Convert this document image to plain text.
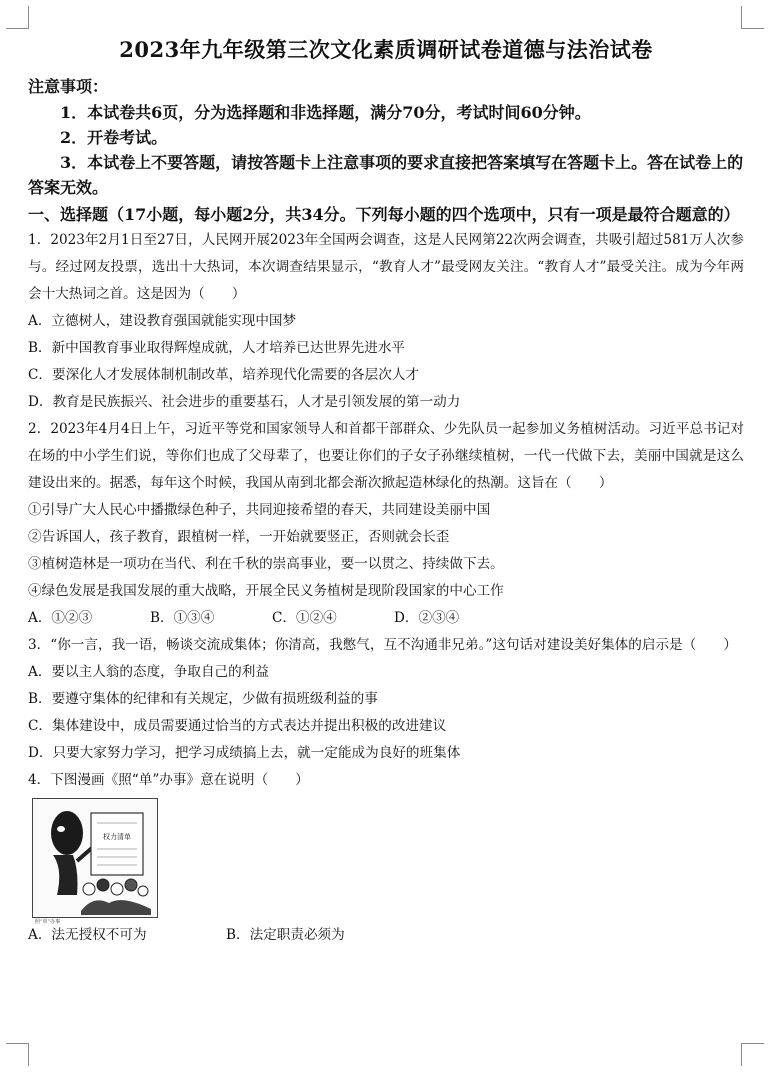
2023年九年级第三次文化素质调研试卷道德与法治试卷
注意事项：
1．本试卷共6页，分为选择题和非选择题，满分70分，考试时间60分钟。
2．开卷考试。
3．本试卷上不要答题，请按答题卡上注意事项的要求直接把答案填写在答题卡上。答在试卷上的答案无效。
一、选择题（17小题，每小题2分，共34分。下列每小题的四个选项中，只有一项是最符合题意的）
1．2023年2月1日至27日，人民网开展2023年全国两会调查，这是人民网第22次两会调查，共吸引超过581万人次参与。经过网友投票，选出十大热词，本次调查结果显示，“教育人才”最受网友关注。“教育人才”最受关注。成为今年两会十大热词之首。这是因为（　　）
A．立德树人，建设教育强国就能实现中国梦
B．新中国教育事业取得辉煌成就，人才培养已达世界先进水平
C．要深化人才发展体制机制改革，培养现代化需要的各层次人才
D．教育是民族振兴、社会进步的重要基石，人才是引领发展的第一动力
2．2023年4月4日上午，习近平等党和国家领导人和首都干部群众、少先队员一起参加义务植树活动。习近平总书记对在场的中小学生们说，等你们也成了父母辈了，也要让你们的子女子孙继续植树，一代一代做下去，美丽中国就是这么建设出来的。据悉，每年这个时候，我国从南到北都会渐次掀起造林绿化的热潮。这旨在（　　）
①引导广大人民心中播撒绿色种子，共同迎接希望的春天，共同建设美丽中国
②告诉国人，孩子教育，跟植树一样，一开始就要竖正，否则就会长歪
③植树造林是一项功在当代、利在千秋的崇高事业，要一以贯之、持续做下去。
④绿色发展是我国发展的重大战略，开展全民义务植树是现阶段国家的中心工作
A．①②③	B．①③④	C．①②④	D．②③④
3．“你一言，我一语，畅谈交流成集体；你清高，我憋气，互不沟通非兄弟。”这句话对建设美好集体的启示是（　　）
A．要以主人翁的态度，争取自己的利益
B．要遵守集体的纪律和有关规定，少做有损班级利益的事
C．集体建设中，成员需要通过恰当的方式表达并提出积极的改进建议
D．只要大家努力学习，把学习成绩搞上去，就一定能成为良好的班集体
4．下图漫画《照“单”办事》意在说明（　　）
权力清单
照“单”办事
A．法无授权不可为	B．法定职责必须为
